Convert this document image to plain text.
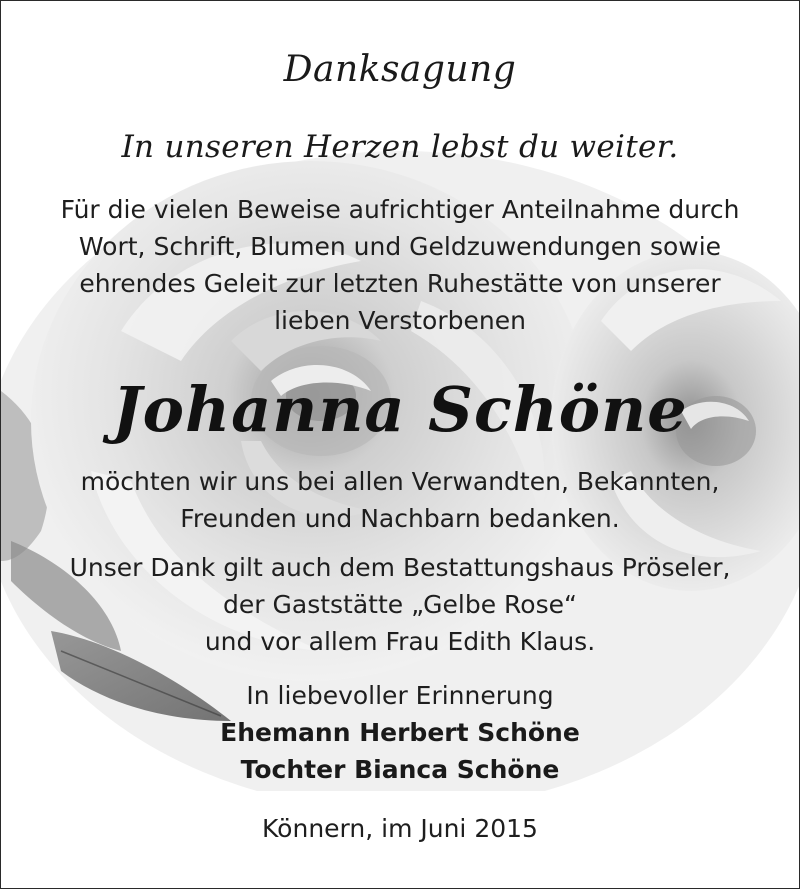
Danksagung
In unseren Herzen lebst du weiter.
Für die vielen Beweise aufrichtiger Anteilnahme durch
Wort, Schrift, Blumen und Geldzuwendungen sowie
ehrendes Geleit zur letzten Ruhestätte von unserer
lieben Verstorbenen
Johanna Schöne
möchten wir uns bei allen Verwandten, Bekannten,
Freunden und Nachbarn bedanken.
Unser Dank gilt auch dem Bestattungshaus Pröseler,
der Gaststätte „Gelbe Rose“
und vor allem Frau Edith Klaus.
In liebevoller Erinnerung
Ehemann Herbert Schöne
Tochter Bianca Schöne
Könnern, im Juni 2015
